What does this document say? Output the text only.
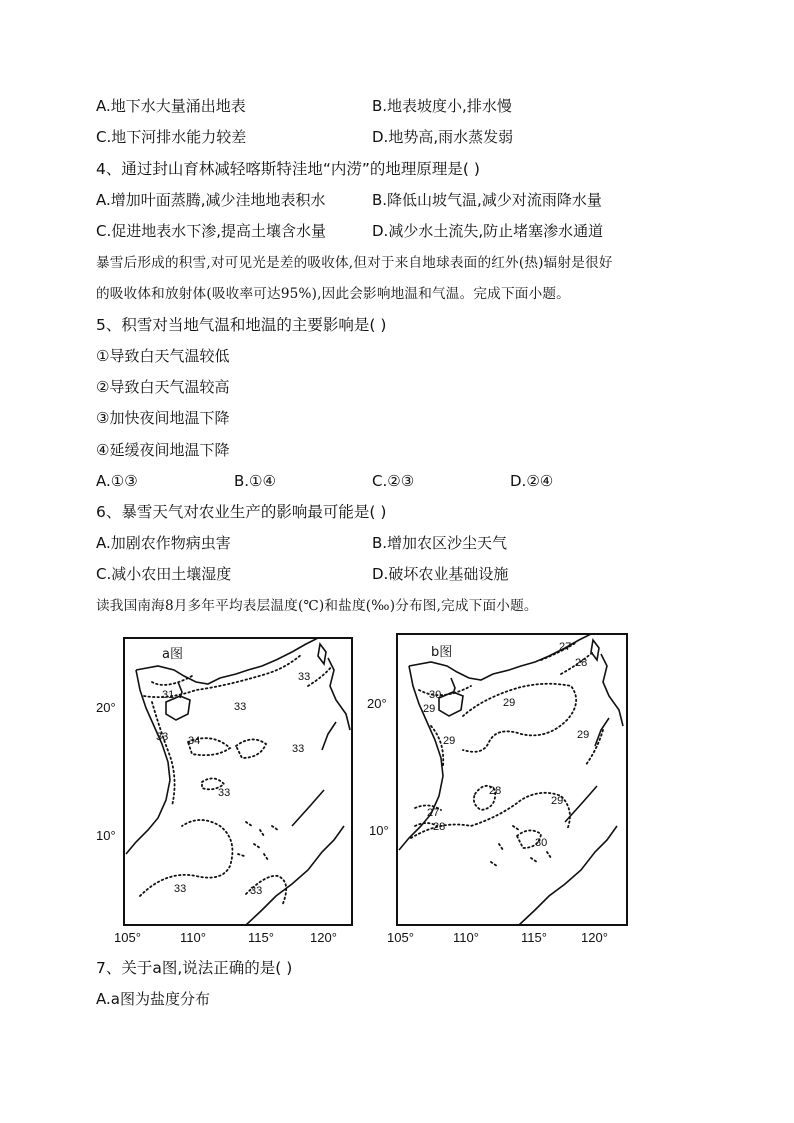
A.地下水大量涌出地表	B.地表坡度小,排水慢
C.地下河排水能力较差	D.地势高,雨水蒸发弱
4、通过封山育林减轻喀斯特洼地“内涝”的地理原理是( )
A.增加叶面蒸腾,减少洼地地表积水	B.降低山坡气温,减少对流雨降水量
C.促进地表水下渗,提高土壤含水量	D.减少水土流失,防止堵塞渗水通道
暴雪后形成的积雪,对可见光是差的吸收体,但对于来自地球表面的红外(热)辐射是很好
的吸收体和放射体(吸收率可达95%),因此会影响地温和气温。完成下面小题。
5、积雪对当地气温和地温的主要影响是( )
①导致白天气温较低
②导致白天气温较高
③加快夜间地温下降
④延缓夜间地温下降
A.①③	B.①④	C.②③	D.②④
6、暴雪天气对农业生产的影响最可能是( )
A.加剧农作物病虫害	B.增加农区沙尘天气
C.减小农田土壤湿度	D.破坏农业基础设施
读我国南海8月多年平均表层温度(℃)和盐度(‰)分布图,完成下面小题。
a图
31
33
33
33 34
33
33
33	33
20°
10°
105°	110°	115°	120°
b图	27
28
30
29	29
29	29
28
29
27
28
30
20°
10°
105°	110°	115°	120°
7、关于a图,说法正确的是( )
A.a图为盐度分布
